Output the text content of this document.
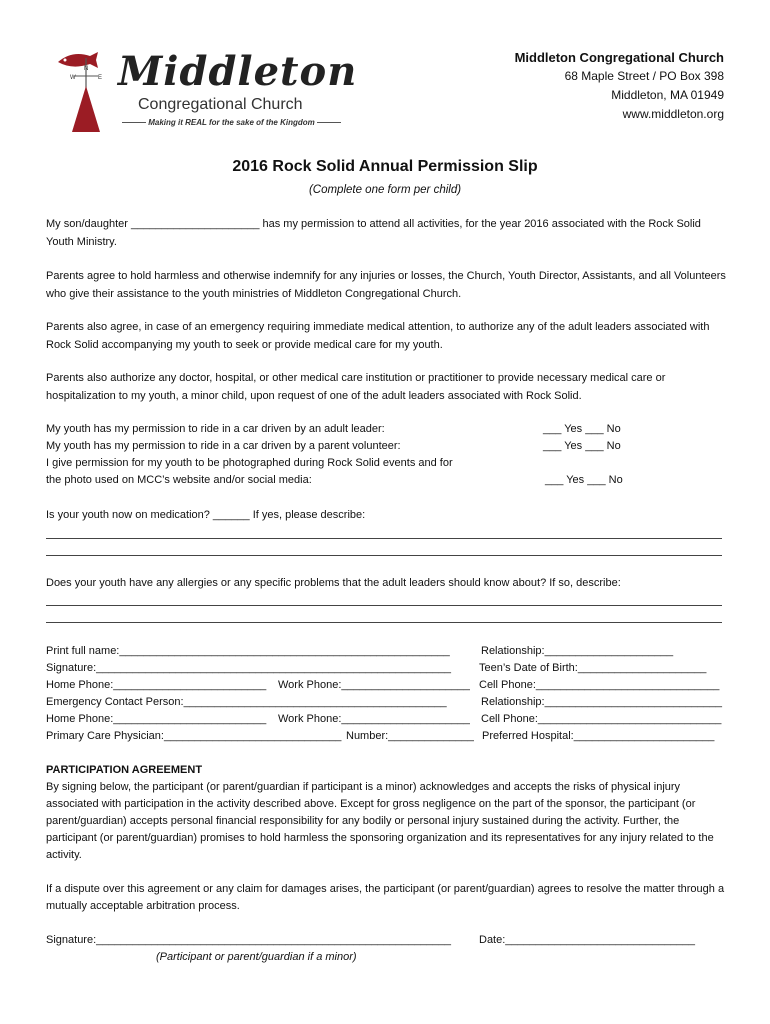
W	E
N Middleton
Congregational Church
Making it REAL for the sake of the Kingdom
Middleton Congregational Church
68 Maple Street / PO Box 398
Middleton, MA 01949
www.middleton.org
2016 Rock Solid Annual Permission Slip
(Complete one form per child)
My son/daughter _____________________ has my permission to attend all activities, for the year 2016 associated with the Rock Solid Youth Ministry.
Parents agree to hold harmless and otherwise indemnify for any injuries or losses, the Church, Youth Director, Assistants, and all Volunteers who give their assistance to the youth ministries of Middleton Congregational Church.
Parents also agree, in case of an emergency requiring immediate medical attention, to authorize any of the adult leaders associated with Rock Solid accompanying my youth to seek or provide medical care for my youth.
Parents also authorize any doctor, hospital, or other medical care institution or practitioner to provide necessary medical care or hospitalization to my youth, a minor child, upon request of one of the adult leaders associated with Rock Solid.
My youth has my permission to ride in a car driven by an adult leader:	___ Yes ___ No
My youth has my permission to ride in a car driven by a parent volunteer:	___ Yes ___ No
I give permission for my youth to be photographed during Rock Solid events and for
the photo used on MCC’s website and/or social media:	___ Yes ___ No
Is your youth now on medication? ______ If yes, please describe:
Does your youth have any allergies or any specific problems that the adult leaders should know about? If so, describe:
Print full name:______________________________________________________	Relationship:_____________________
Signature:__________________________________________________________	Teen’s Date of Birth:_____________________
Home Phone:_________________________ Work Phone:_____________________ Cell Phone:______________________________
Emergency Contact Person:___________________________________________	Relationship:_____________________________
Home Phone:_________________________ Work Phone:_____________________ Cell Phone:______________________________
Primary Care Physician:_____________________________ Number:______________ Preferred Hospital:_______________________
PARTICIPATION AGREEMENT
By signing below, the participant (or parent/guardian if participant is a minor) acknowledges and accepts the risks of physical injury associated with participation in the activity described above. Except for gross negligence on the part of the sponsor, the participant (or parent/guardian) accepts personal financial responsibility for any bodily or personal injury sustained during the activity. Further, the participant (or parent/guardian) promises to hold harmless the sponsoring organization and its representatives for any injury related to the activity.
If a dispute over this agreement or any claim for damages arises, the participant (or parent/guardian) agrees to resolve the matter through a mutually acceptable arbitration process.
Signature:__________________________________________________________	Date:_______________________________
(Participant or parent/guardian if a minor)
